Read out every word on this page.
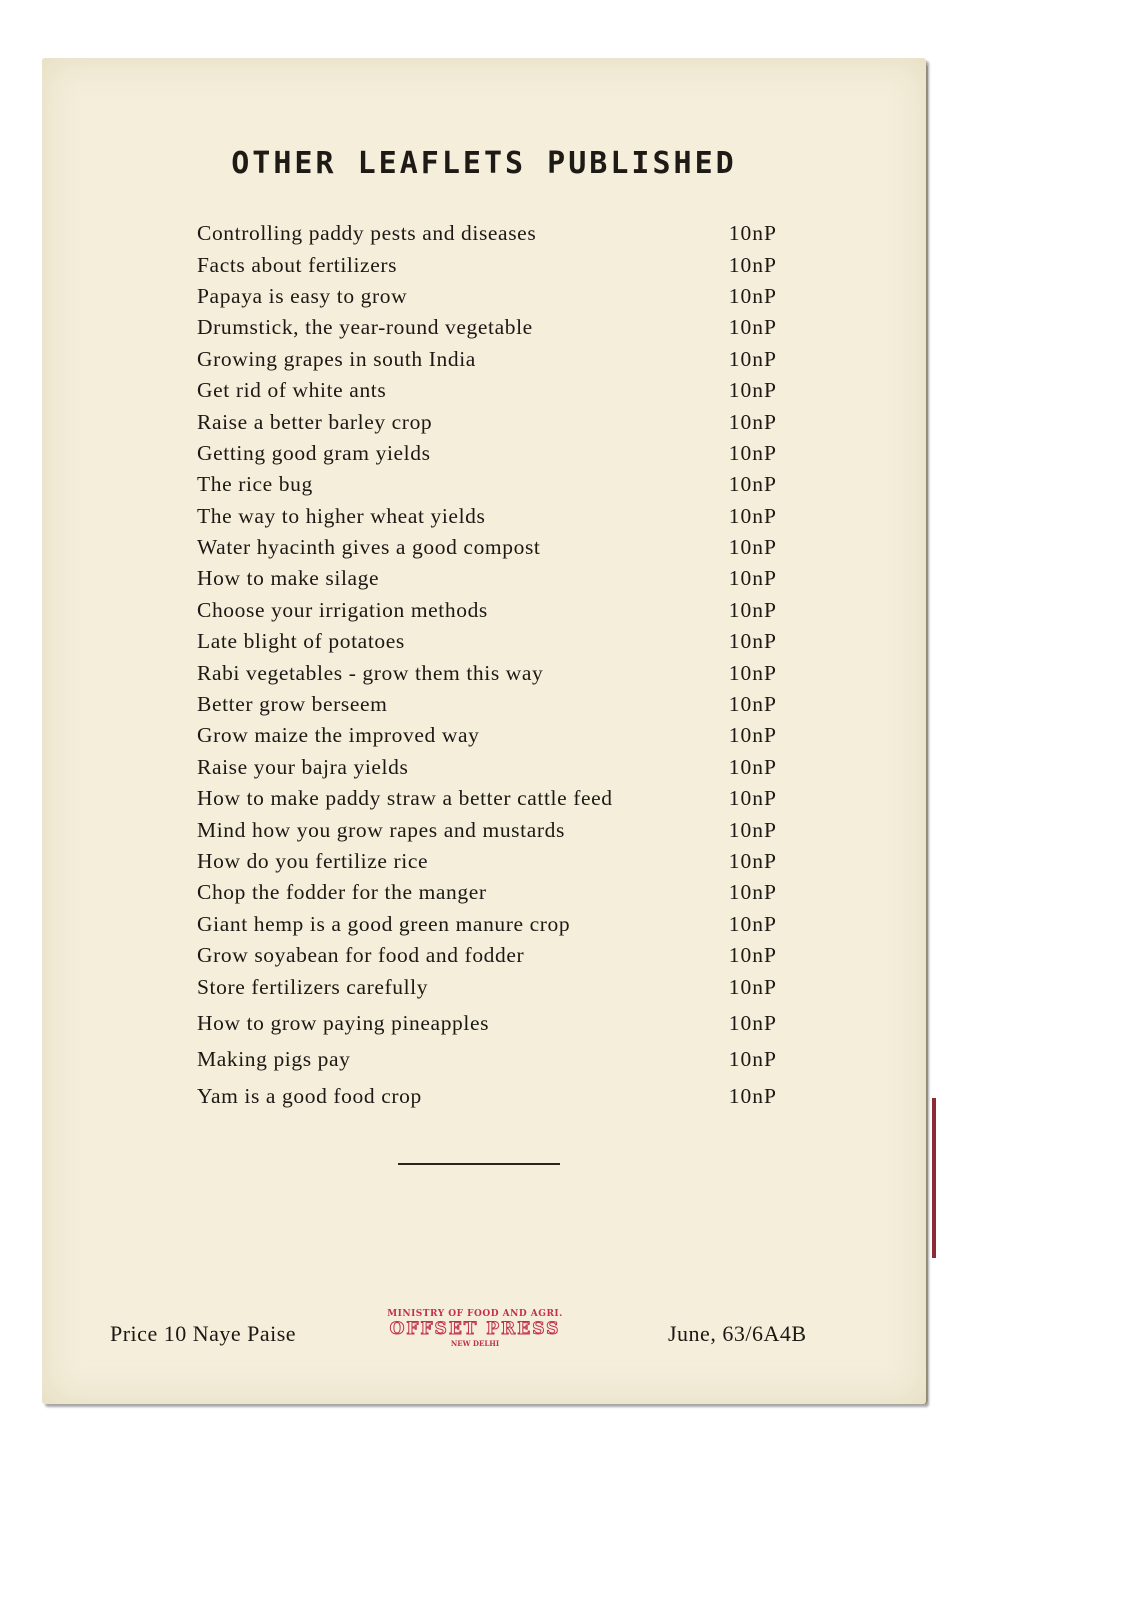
OTHER LEAFLETS PUBLISHED
Controlling paddy pests and diseases	10nP
Facts about fertilizers	10nP
Papaya is easy to grow	10nP
Drumstick, the year-round vegetable	10nP
Growing grapes in south India	10nP
Get rid of white ants	10nP
Raise a better barley crop	10nP
Getting good gram yields	10nP
The rice bug	10nP
The way to higher wheat yields	10nP
Water hyacinth gives a good compost	10nP
How to make silage	10nP
Choose your irrigation methods	10nP
Late blight of potatoes	10nP
Rabi vegetables - grow them this way	10nP
Better grow berseem	10nP
Grow maize the improved way	10nP
Raise your bajra yields	10nP
How to make paddy straw a better cattle feed	10nP
Mind how you grow rapes and mustards	10nP
How do you fertilize rice	10nP
Chop the fodder for the manger	10nP
Giant hemp is a good green manure crop	10nP
Grow soyabean for food and fodder	10nP
Store fertilizers carefully	10nP
How to grow paying pineapples	10nP
Making pigs pay	10nP
Yam is a good food crop	10nP
Price 10 Naye Paise
MINISTRY OF FOOD AND AGRI.
OFFSET PRESS
NEW DELHI	June, 63/6A4B
